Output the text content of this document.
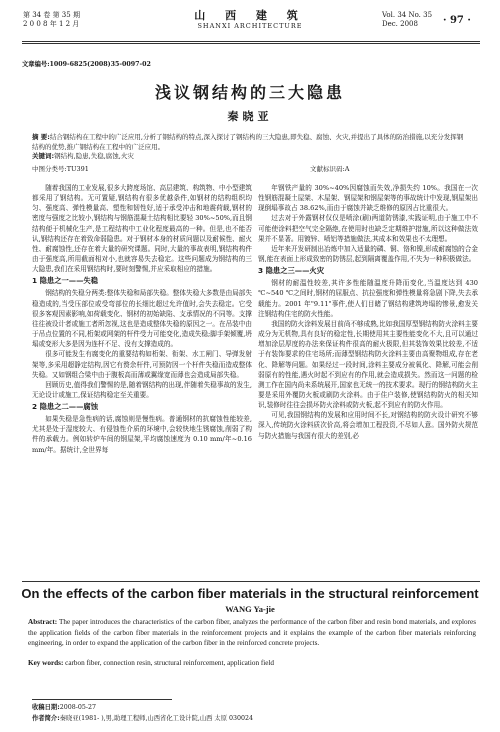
第 34 卷 第 35 期
2 0 0 8 年 1 2 月
山 西 建 筑
SHANXI ARCHITECTURE
Vol. 34 No. 35
Dec. 2008	· 97 ·
文章编号:1009-6825(2008)35-0097-02
浅议钢结构的三大隐患
秦晓亚
摘 要:结合钢结构在工程中的广泛应用,分析了钢结构的特点,深入探讨了钢结构的三大隐患,即失稳、腐蚀、火灾,并提出了具体的防治措施,以充分发挥钢结构的优势,推广钢结构在工程中的广泛应用。
关键词:钢结构,隐患,失稳,腐蚀,火灾
中图分类号:TU391	文献标识码:A

随着我国的工业发展,很多大跨度场馆、高层建筑、构筑物、中小型建筑都采用了钢结构。无可置疑,钢结构有很多优越条件,如钢材的结构组织均匀、强度高、弹性模量高、塑性和韧性好,适于承受冲击和地震荷载,钢材的密度与强度之比较小,钢结构与钢筋混凝土结构相比要轻 30%~50%,而且钢结构便于机械化生产,是工程结构中工业化程度最高的一种。但是,也不能否认,钢结构还存在着致命弱隐患。对于钢材本身的材质问题以及耐候性、耐火性、耐腐蚀性,还存在着大量的研究课题。同时,大量的事故表明,钢结构构件由于强度高,所用截面相对小,也就容易失去稳定。这些问题成为钢结构的三大隐患,我们在采用钢结构时,要时刻警惕,并应采取相应的措施。

1 隐患之一——失稳

钢结构的失稳分两类:整体失稳和局部失稳。整体失稳大多数是由局部失稳造成的,当受压部位或受弯部位的长细比超过允许值时,会失去稳定。它受很多客观因素影响,如荷载变化、钢材的初始缺陷、支承情况的不同等。支撑往往被设计者或施工者所忽视,这也是造成整体失稳的原因之一。在吊装中由于吊点位置的不同,桁架或网架的杆件受力可能变化,造成失稳;脚手架倾覆,坍塌或变形大多是因为连杆不足、没有支撑造成的。

很多可能发生有腐变化的重要结构如桁架、衔架、水工闸门、导弹发射架等,多采用超静定结构,因它有赘余杆件,可预防因一个杆件失稳而造成整体失稳。又如钢组合梁中由于腹板高而薄或翼缘宽而薄也会造成局部失稳。

回顾历史,值得我们警惕的是,随着钢结构的出现,伴随着失稳事故的发生,无论设计或施工,保证结构稳定至关重要。

2 隐患之二——腐蚀

如果失稳是急性病的话,腐蚀则是慢性病。普通钢材的抗腐蚀性能较差,尤其是处于湿度较大、有侵蚀性介质的环境中,会较快地生锈腐蚀,削弱了构件的承载力。例如转炉车间的钢屋架,平均腐蚀速度为 0.10 mm/年~0.16 mm/年。据统计,全世界每

年钢铁产量的 30%~40%因腐蚀而失效,净损失约 10%。我国在一次性钢筋混凝土屋架、木屋架、钢屋架和钢屋架等的事故统计中发现,钢屋架出现倒塌事故占 38.62%,而由于腐蚀并缺乏维修的原因占比重很大。

过去对于外露钢材仅仅是喷涂(刷)两道防锈漆,实践证明,由于施工中不可能使涂料把空气完全隔绝,在使用时也缺乏定期维护措施,所以这种做法效果并不显著。用镀锌、喷铝等措施做法,其成本和效果也不太理想。

近年来开发研制出冶炼中加入适量的磷、铜、铬和镍,形成耐腐蚀的合金钢,能在表面上形成致密的防锈层,起到隔离覆盖作用,不失为一种积极做法。

3 隐患之三——火灾

钢材的耐温性较差,其许多性能随温度升降而变化,当温度达到 430 ℃~540 ℃之间时,钢材的屈服点、抗拉强度和弹性模量将急剧下降,失去承载能力。2001 年"9.11"事件,使人们目睹了钢结构建筑垮塌的惨景,愈发关注钢结构住宅的防火性能。

我国的防火涂料发展目前尚不够成熟,比如我国厚型钢结构防火涂料主要成分为无机物,具有良好的稳定性,长期使用其主要性能变化不大,且可以通过增加涂层厚度的办法来保证构件很高的耐火极限,但其装饰效果比较差,不适于有装饰要求的住宅场所;而薄型钢结构防火涂料主要由高聚物组成,存在老化、降解等问题。如果经过一段时间,涂料主要成分被氧化、降解,可能会削弱原有的性能,遇火时起不到应有的作用,就会造成损失。然而这一问题的检测工作在国内尚未系统展开,国家也无统一的技术要求。现行的钢结构防火主要是采用外覆防火板或刷防火涂料。由于住户装修,使钢结构防火的相关知识,装修时往往会损坏防火涂料或防火板,起不到应有的防火作用。

可见,我国钢结构的发展和应用时间不长,对钢结构的防火设计研究不够深入,传统防火涂料质次价高,将会增加工程投资,不尽如人意。国外防火规范与防火措施与我国有很大的差别,必

On the effects of the carbon fiber materials in the structural reinforcement
WANG Ya-jie
Abstract: The paper introduces the characteristics of the carbon fiber, analyzes the performance of the carbon fiber and resin bond materials, and explores the application fields of the carbon fiber materials in the reinforcement projects and it explains the example of the carbon fiber materials reinforcing engineering, in order to expand the application of the carbon fiber in the reinforced concrete projects.
Key words: carbon fiber, connection resin, structural reinforcement, application field
收稿日期:2008-05-27
作者简介:秦晓亚(1981- ),男,助理工程师,山西省化工设计院,山西 太原 030024
